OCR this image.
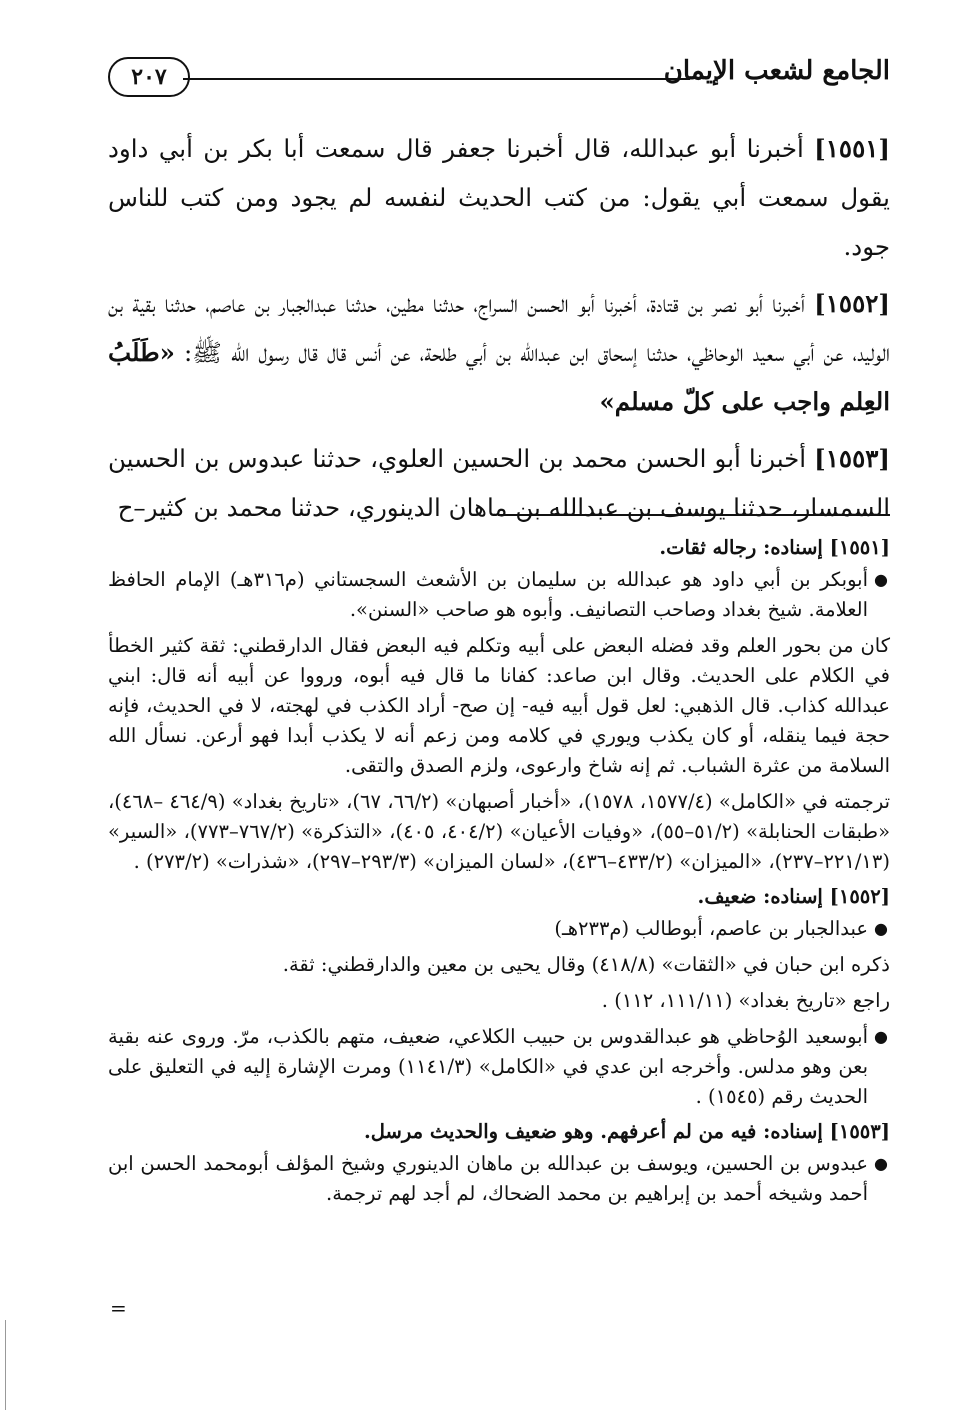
الجامع لشعب الإيمان
٢٠٧

[١٥٥١] أخبرنا أبو عبدالله، قال أخبرنا جعفر قال سمعت أبا بكر بن أبي داود يقول سمعت أبي يقول: من كتب الحديث لنفسه لم يجود ومن كتب للناس جود.

[١٥٥٢] أخبرنا أبو نصر بن قتادة، أخبرنا أبو الحسن السراج، حدثنا مطين، حدثنا عبدالجبار بن عاصم، حدثنا بقية بن الوليد، عن أبي سعيد الوحاظي، حدثنا إسحاق ابن عبدالله بن أبي طلحة، عن أنس قال قال رسول الله ﷺ: «طَلَبُ العِلم واجب على كلّ مسلم»

[١٥٥٣] أخبرنا أبو الحسن محمد بن الحسين العلوي، حدثنا عبدوس بن الحسين السمسار، حدثنا يوسف بن عبدالله بن ماهان الدينوري، حدثنا محمد بن كثير–ح

[١٥٥١] إسناده: رجاله ثقات.

●
أبوبكر بن أبي داود هو عبدالله بن سليمان بن الأشعث السجستاني (م٣١٦هـ) الإمام الحافظ العلامة. شيخ بغداد وصاحب التصانيف. وأبوه هو صاحب «السنن».

كان من بحور العلم وقد فضله البعض على أبيه وتكلم فيه البعض فقال الدارقطني: ثقة كثير الخطأ في الكلام على الحديث. وقال ابن صاعد: كفانا ما قال فيه أبوه، ورووا عن أبيه أنه قال: ابني عبدالله كذاب. قال الذهبي: لعل قول أبيه فيه- إن صح- أراد الكذب في لهجته، لا في الحديث، فإنه حجة فيما ينقله، أو كان يكذب ويوري في كلامه ومن زعم أنه لا يكذب أبدا فهو أرعن. نسأل الله السلامة من عثرة الشباب. ثم إنه شاخ وارعوى، ولزم الصدق والتقى.

ترجمته في «الكامل» (١٥٧٧/٤، ١٥٧٨)، «أخبار أصبهان» (٦٦/٢، ٦٧)، «تاريخ بغداد» (٤٦٤/٩ –٤٦٨)، «طبقات الحنابلة» (٥١/٢–٥٥)، «وفيات الأعيان» (٤٠٤/٢، ٤٠٥)، «التذكرة» (٧٦٧/٢–٧٧٣)، «السير» (٢٢١/١٣–٢٣٧)، «الميزان» (٤٣٣/٢–٤٣٦)، «لسان الميزان» (٢٩٣/٣–٢٩٧)، «شذرات» (٢٧٣/٢) .

[١٥٥٢] إسناده: ضعيف.

●
عبدالجبار بن عاصم، أبوطالب (م٢٣٣هـ)

ذكره ابن حبان في «الثقات» (٤١٨/٨) وقال يحيى بن معين والدارقطني: ثقة.

راجع «تاريخ بغداد» (١١١/١١، ١١٢) .

●
أبوسعيد الوُحاظي هو عبدالقدوس بن حبيب الكلاعي، ضعيف، متهم بالكذب، مرّ. وروى عنه بقية بعن وهو مدلس. وأخرجه ابن عدي في «الكامل» (١١٤١/٣) ومرت الإشارة إليه في التعليق على الحديث رقم (١٥٤٥) .

[١٥٥٣] إسناده: فيه من لم أعرفهم. وهو ضعيف والحديث مرسل.

●
عبدوس بن الحسين، ويوسف بن عبدالله بن ماهان الدينوري وشيخ المؤلف أبومحمد الحسن ابن أحمد وشيخه أحمد بن إبراهيم بن محمد الضحاك، لم أجد لهم ترجمة.

=
